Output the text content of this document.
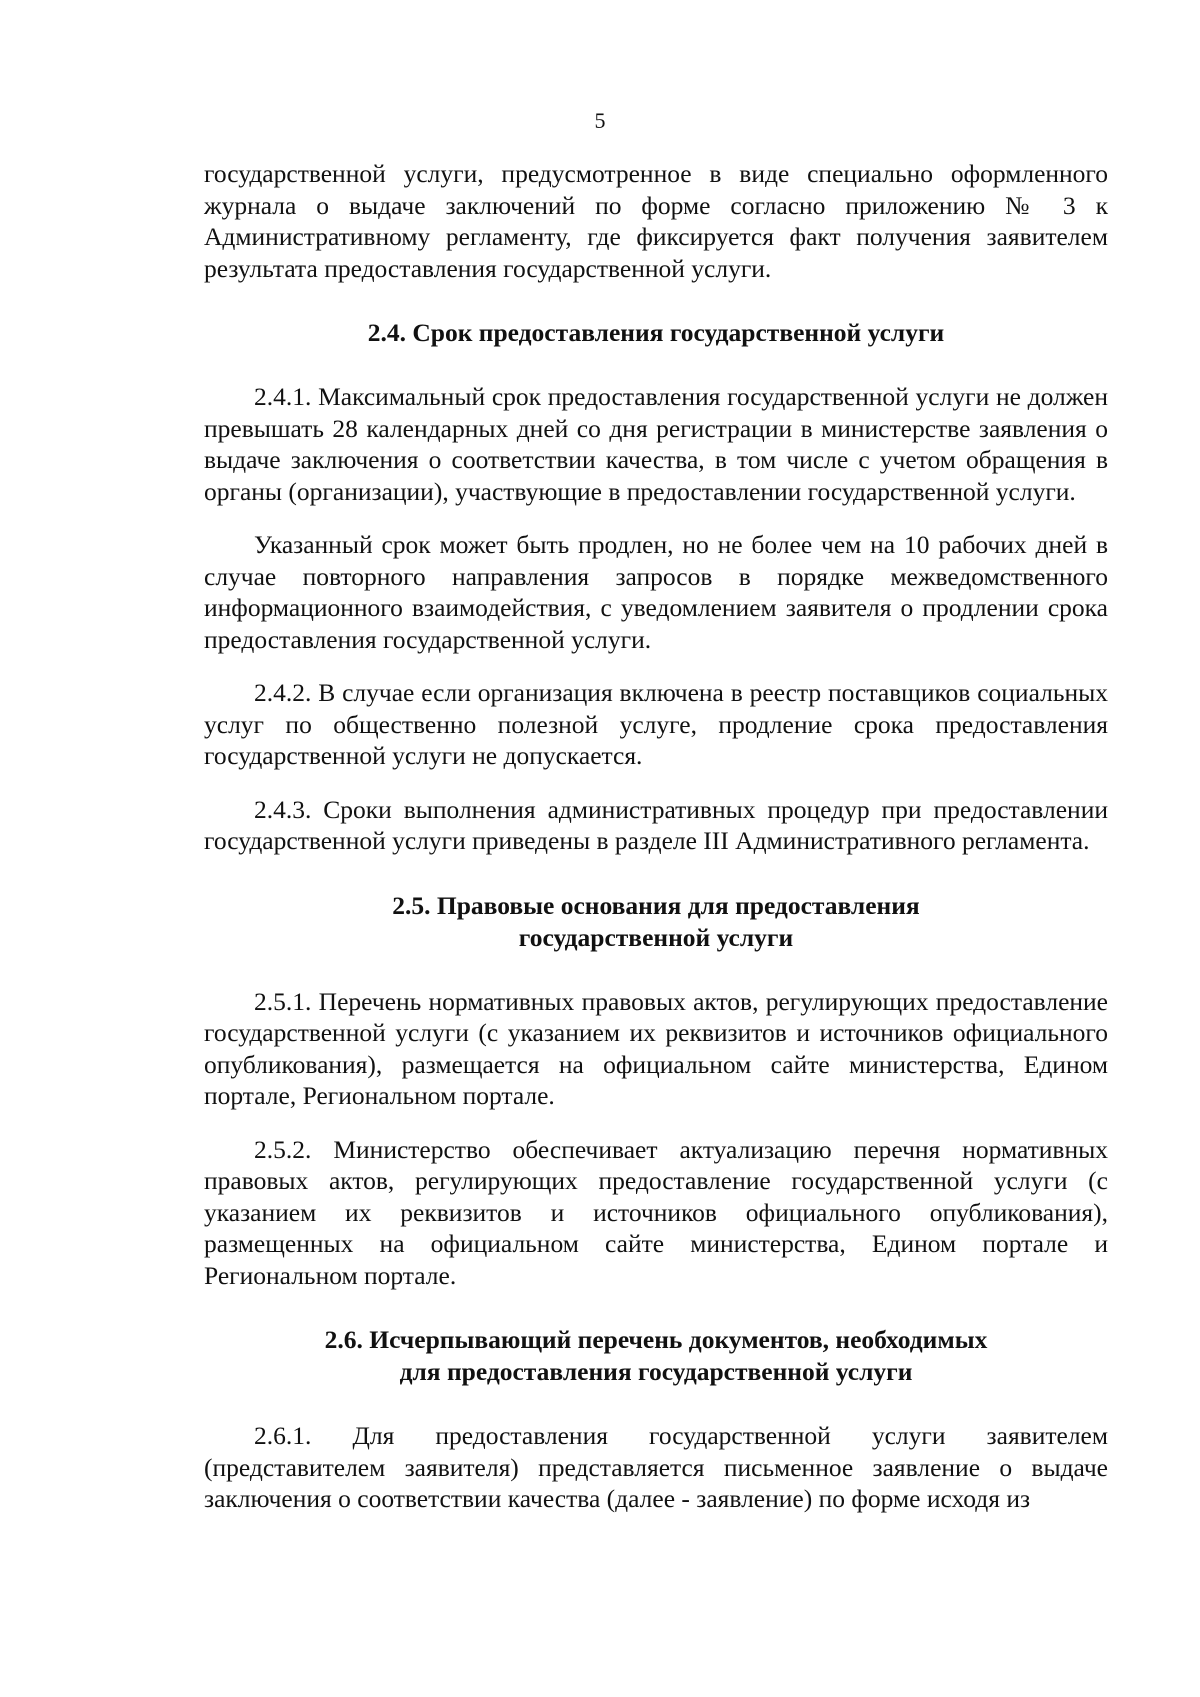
5

государственной услуги, предусмотренное в виде специально оформленного журнала о выдаче заключений по форме согласно приложению № 3 к Административному регламенту, где фиксируется факт получения заявителем результата предоставления государственной услуги.

2.4. Срок предоставления государственной услуги

2.4.1. Максимальный срок предоставления государственной услуги не должен превышать 28 календарных дней со дня регистрации в министерстве заявления о выдаче заключения о соответствии качества, в том числе с учетом обращения в органы (организации), участвующие в предоставлении государственной услуги.

Указанный срок может быть продлен, но не более чем на 10 рабочих дней в случае повторного направления запросов в порядке межведомственного информационного взаимодействия, с уведомлением заявителя о продлении срока предоставления государственной услуги.

2.4.2. В случае если организация включена в реестр поставщиков социальных услуг по общественно полезной услуге, продление срока предоставления государственной услуги не допускается.

2.4.3. Сроки выполнения административных процедур при предоставлении государственной услуги приведены в разделе III Административного регламента.

2.5. Правовые основания для предоставления
государственной услуги

2.5.1. Перечень нормативных правовых актов, регулирующих предоставление государственной услуги (с указанием их реквизитов и источников официального опубликования), размещается на официальном сайте министерства, Едином портале, Региональном портале.

2.5.2. Министерство обеспечивает актуализацию перечня нормативных правовых актов, регулирующих предоставление государственной услуги (с указанием их реквизитов и источников официального опубликования), размещенных на официальном сайте министерства, Едином портале и Региональном портале.

2.6. Исчерпывающий перечень документов, необходимых
для предоставления государственной услуги

2.6.1. Для предоставления государственной услуги заявителем (представителем заявителя) представляется письменное заявление о выдаче заключения о соответствии качества (далее - заявление) по форме исходя из
